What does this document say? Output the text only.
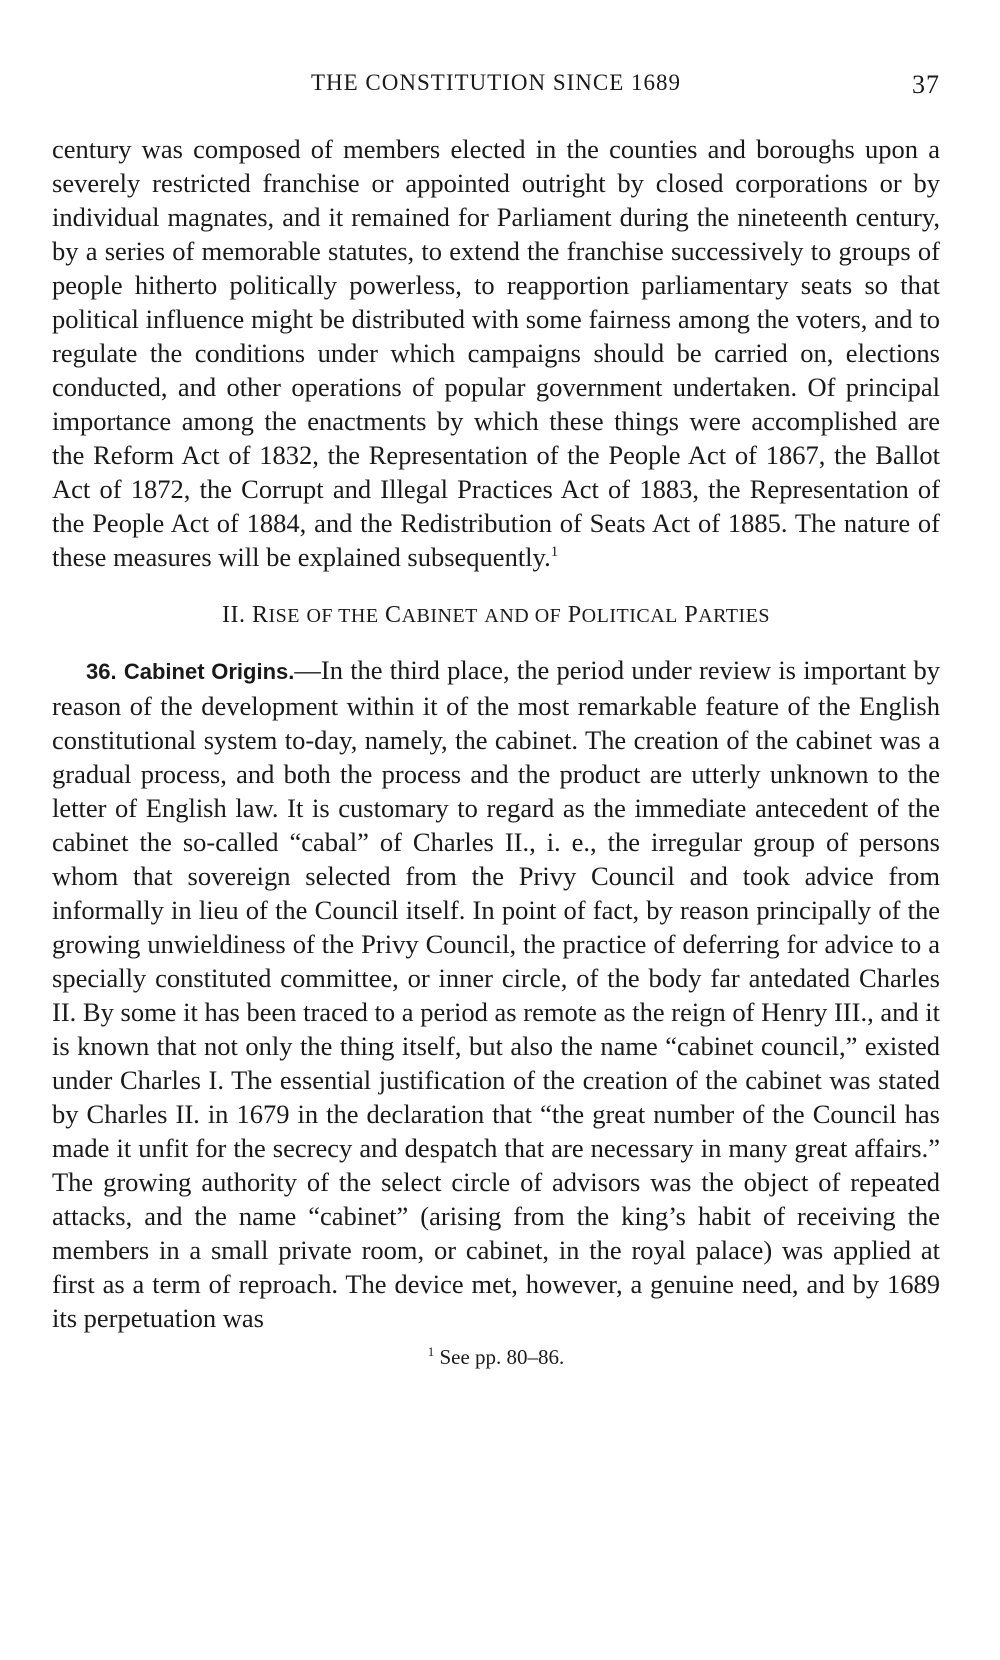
THE CONSTITUTION SINCE 1689	37

century was composed of members elected in the counties and boroughs upon a severely restricted franchise or appointed outright by closed corporations or by individual magnates, and it remained for Parliament during the nineteenth century, by a series of memorable statutes, to extend the franchise successively to groups of people hitherto politically powerless, to reapportion parliamentary seats so that political influence might be distributed with some fairness among the voters, and to regulate the conditions under which campaigns should be carried on, elections conducted, and other operations of popular government undertaken. Of principal importance among the enactments by which these things were accomplished are the Reform Act of 1832, the Representation of the People Act of 1867, the Ballot Act of 1872, the Corrupt and Illegal Practices Act of 1883, the Representation of the People Act of 1884, and the Redistribution of Seats Act of 1885. The nature of these measures will be explained subsequently.$^1$

II. RISE OF THE CABINET AND OF POLITICAL PARTIES

36. Cabinet Origins.—In the third place, the period under review is important by reason of the development within it of the most remarkable feature of the English constitutional system to-day, namely, the cabinet. The creation of the cabinet was a gradual process, and both the process and the product are utterly unknown to the letter of English law. It is customary to regard as the immediate antecedent of the cabinet the so-called “cabal” of Charles II., i. e., the irregular group of persons whom that sovereign selected from the Privy Council and took advice from informally in lieu of the Council itself. In point of fact, by reason principally of the growing unwieldiness of the Privy Council, the practice of deferring for advice to a specially constituted committee, or inner circle, of the body far antedated Charles II. By some it has been traced to a period as remote as the reign of Henry III., and it is known that not only the thing itself, but also the name “cabinet council,” existed under Charles I. The essential justification of the creation of the cabinet was stated by Charles II. in 1679 in the declaration that “the great number of the Council has made it unfit for the secrecy and despatch that are necessary in many great affairs.” The growing authority of the select circle of advisors was the object of repeated attacks, and the name “cabinet” (arising from the king’s habit of receiving the members in a small private room, or cabinet, in the royal palace) was applied at first as a term of reproach. The device met, however, a genuine need, and by 1689 its perpetuation was

$^1$ See pp. 80–86.
